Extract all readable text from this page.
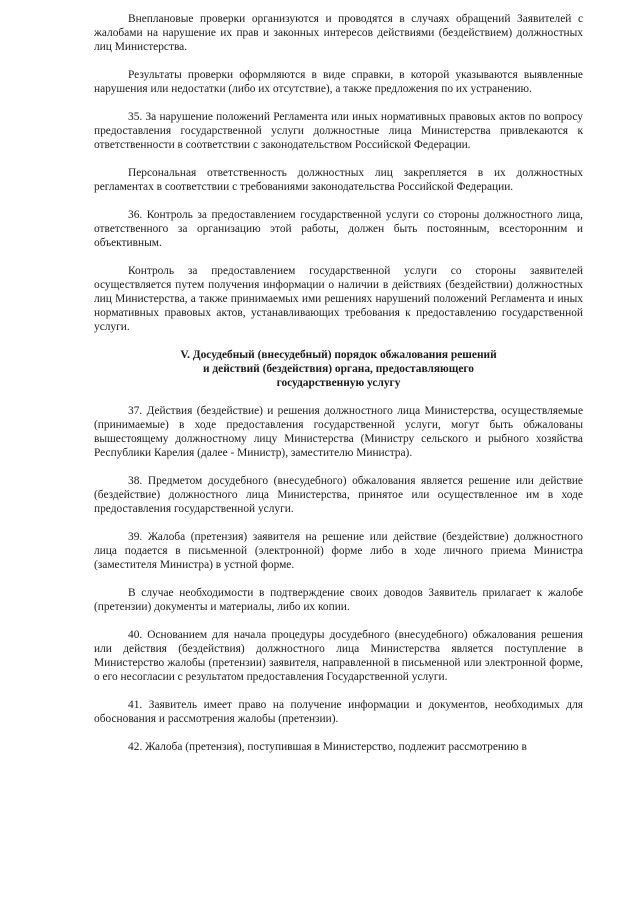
Внеплановые проверки организуются и проводятся в случаях обращений Заявителей с жалобами на нарушение их прав и законных интересов действиями (бездействием) должностных лиц Министерства.

Результаты проверки оформляются в виде справки, в которой указываются выявленные нарушения или недостатки (либо их отсутствие), а также предложения по их устранению.

35. За нарушение положений Регламента или иных нормативных правовых актов по вопросу предоставления государственной услуги должностные лица Министерства привлекаются к ответственности в соответствии с законодательством Российской Федерации.

Персональная ответственность должностных лиц закрепляется в их должностных регламентах в соответствии с требованиями законодательства Российской Федерации.

36. Контроль за предоставлением государственной услуги со стороны должностного лица, ответственного за организацию этой работы, должен быть постоянным, всесторонним и объективным.

Контроль за предоставлением государственной услуги со стороны заявителей осуществляется путем получения информации о наличии в действиях (бездействии) должностных лиц Министерства, а также принимаемых ими решениях нарушений положений Регламента и иных нормативных правовых актов, устанавливающих требования к предоставлению государственной услуги.

V. Досудебный (внесудебный) порядок обжалования решений
и действий (бездействия) органа, предоставляющего
государственную услугу

37. Действия (бездействие) и решения должностного лица Министерства, осуществляемые (принимаемые) в ходе предоставления государственной услуги, могут быть обжалованы вышестоящему должностному лицу Министерства (Министру сельского и рыбного хозяйства Республики Карелия (далее - Министр), заместителю Министра).

38. Предметом досудебного (внесудебного) обжалования является решение или действие (бездействие) должностного лица Министерства, принятое или осуществленное им в ходе предоставления государственной услуги.

39. Жалоба (претензия) заявителя на решение или действие (бездействие) должностного лица подается в письменной (электронной) форме либо в ходе личного приема Министра (заместителя Министра) в устной форме.

В случае необходимости в подтверждение своих доводов Заявитель прилагает к жалобе (претензии) документы и материалы, либо их копии.

40. Основанием для начала процедуры досудебного (внесудебного) обжалования решения или действия (бездействия) должностного лица Министерства является поступление в Министерство жалобы (претензии) заявителя, направленной в письменной или электронной форме, о его несогласии с результатом предоставления Государственной услуги.

41. Заявитель имеет право на получение информации и документов, необходимых для обоснования и рассмотрения жалобы (претензии).

42. Жалоба (претензия), поступившая в Министерство, подлежит рассмотрению в
